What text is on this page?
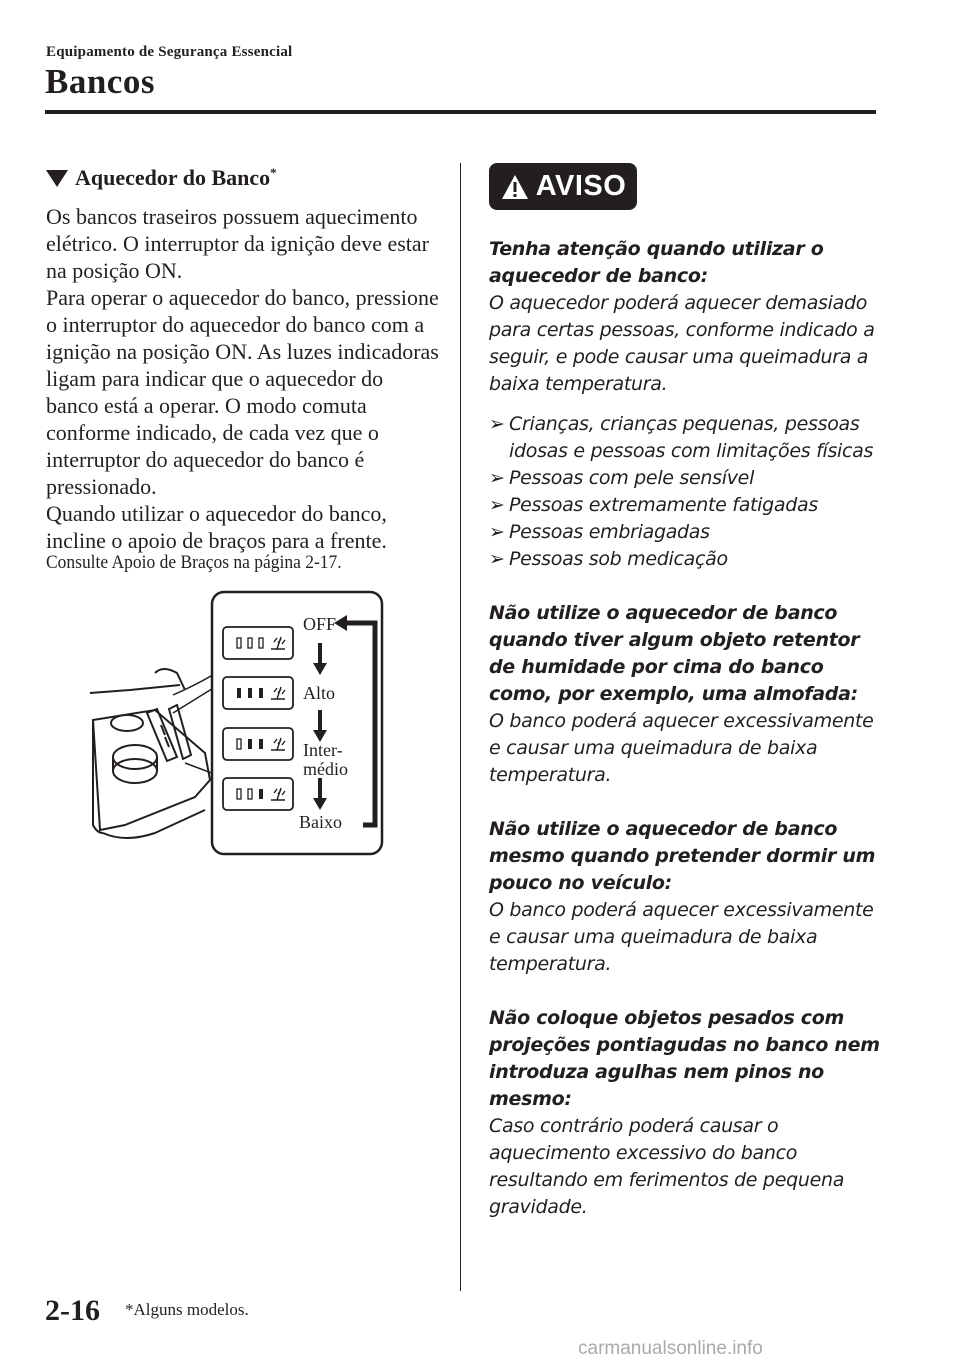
Equipamento de Segurança Essencial
Bancos
Aquecedor do Banco*

Os bancos traseiros possuem aquecimento elétrico. O interruptor da ignição deve estar na posição ON.

Para operar o aquecedor do banco, pressione o interruptor do aquecedor do banco com a ignição na posição ON. As luzes indicadoras ligam para indicar que o aquecedor do banco está a operar. O modo comuta conforme indicado, de cada vez que o interruptor do aquecedor do banco é pressionado.

Quando utilizar o aquecedor do banco, incline o apoio de braços para a frente.

Consulte Apoio de Braços na página 2-17.
OFF
Alto
Inter-
médio
Baixo
AVISO

Tenha atenção quando utilizar o aquecedor de banco:

O aquecedor poderá aquecer demasiado para certas pessoas, conforme indicado a seguir, e pode causar uma queimadura a baixa temperatura.

➢ Crianças, crianças pequenas, pessoas idosas e pessoas com limitações físicas
➢ Pessoas com pele sensível
➢ Pessoas extremamente fatigadas
➢ Pessoas embriagadas
➢ Pessoas sob medicação

Não utilize o aquecedor de banco quando tiver algum objeto retentor de humidade por cima do banco como, por exemplo, uma almofada:

O banco poderá aquecer excessivamente e causar uma queimadura de baixa temperatura.

Não utilize o aquecedor de banco mesmo quando pretender dormir um pouco no veículo:

O banco poderá aquecer excessivamente e causar uma queimadura de baixa temperatura.

Não coloque objetos pesados com projeções pontiagudas no banco nem introduza agulhas nem pinos no mesmo:

Caso contrário poderá causar o aquecimento excessivo do banco resultando em ferimentos de pequena gravidade.

2-16 *Alguns modelos.
carmanualsonline.info
